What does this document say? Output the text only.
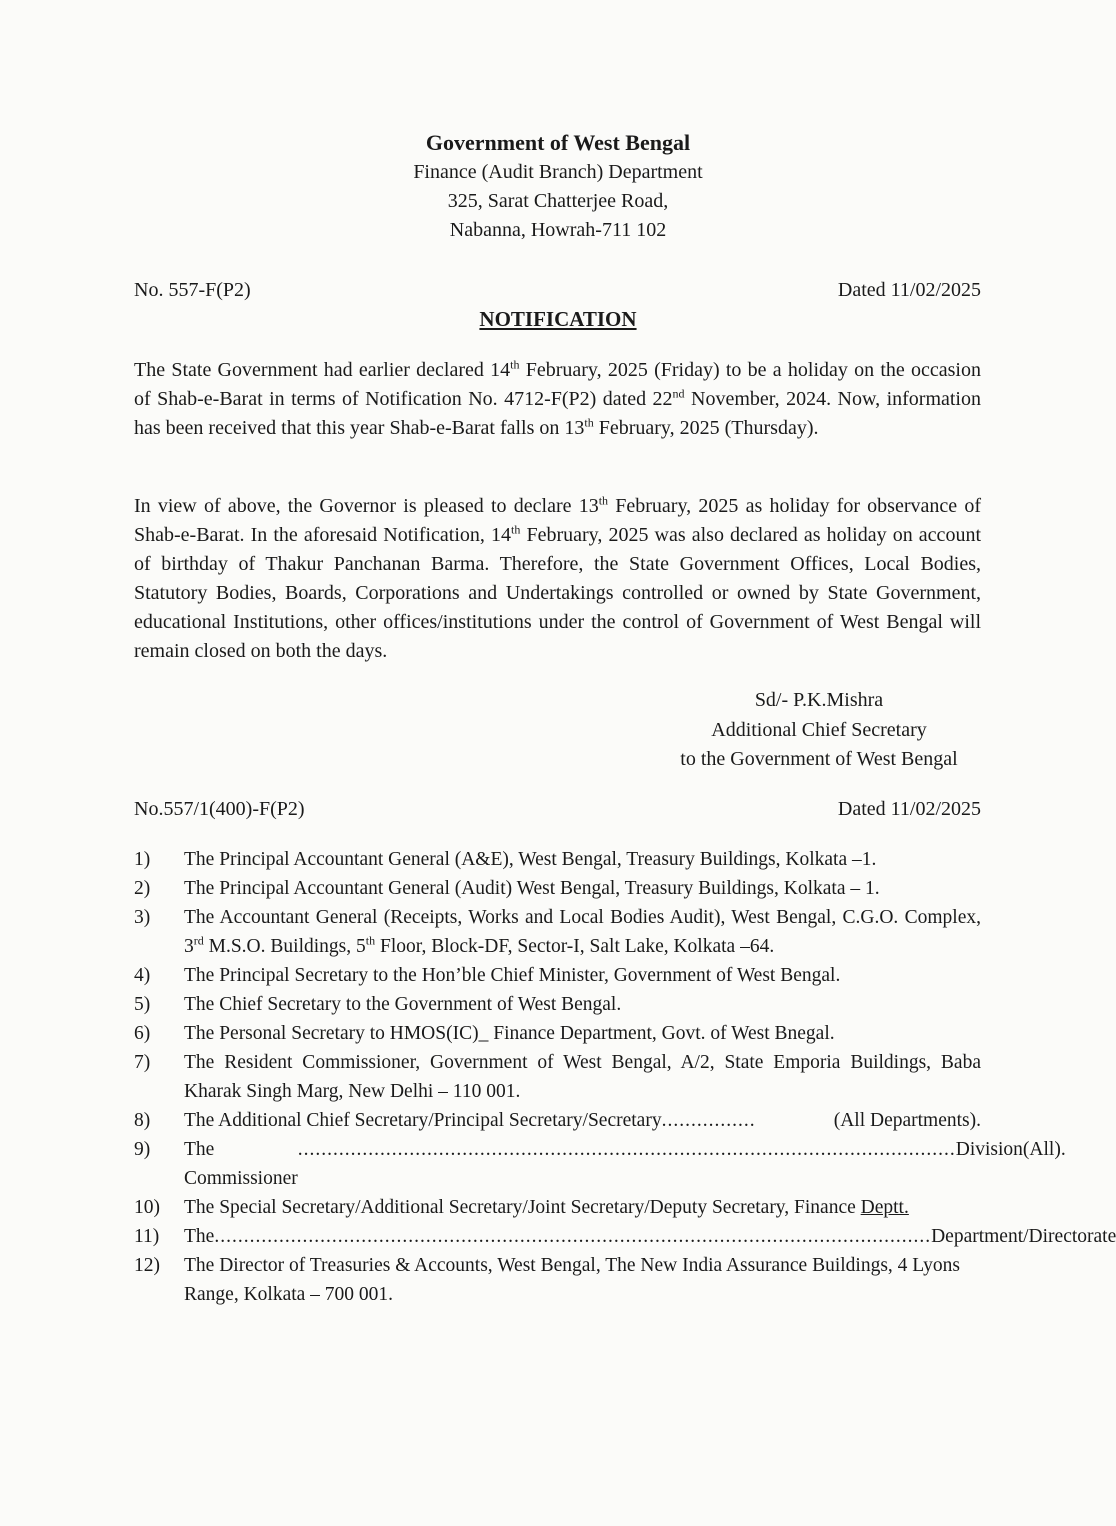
Government of West Bengal
Finance (Audit Branch) Department
325, Sarat Chatterjee Road,
Nabanna, Howrah-711 102
No. 557-F(P2)	Dated 11/02/2025
NOTIFICATION
The State Government had earlier declared 14th February, 2025 (Friday) to be a holiday on the occasion of Shab-e-Barat in terms of Notification No. 4712-F(P2) dated 22nd November, 2024. Now, information has been received that this year Shab-e-Barat falls on 13th February, 2025 (Thursday).
In view of above, the Governor is pleased to declare 13th February, 2025 as holiday for observance of Shab-e-Barat. In the aforesaid Notification, 14th February, 2025 was also declared as holiday on account of birthday of Thakur Panchanan Barma. Therefore, the State Government Offices, Local Bodies, Statutory Bodies, Boards, Corporations and Undertakings controlled or owned by State Government, educational Institutions, other offices/institutions under the control of Government of West Bengal will remain closed on both the days.
Sd/- P.K.Mishra
Additional Chief Secretary
to the Government of West Bengal
No.557/1(400)-F(P2)	Dated 11/02/2025
1)	The Principal Accountant General (A&E), West Bengal, Treasury Buildings, Kolkata –1.
2)	The Principal Accountant General (Audit) West Bengal, Treasury Buildings, Kolkata – 1.
3)	The Accountant General (Receipts, Works and Local Bodies Audit), West Bengal, C.G.O. Complex, 3rd M.S.O. Buildings, 5th Floor, Block-DF, Sector-I, Salt Lake, Kolkata –64.
4)	The Principal Secretary to the Hon’ble Chief Minister, Government of West Bengal.
5)	The Chief Secretary to the Government of West Bengal.
6)	The Personal Secretary to HMOS(IC)_ Finance Department, Govt. of West Bnegal.
7)	The Resident Commissioner, Government of West Bengal, A/2, State Emporia Buildings, Baba Kharak Singh Marg, New Delhi – 110 001.
8)	The Additional Chief Secretary/Principal Secretary/Secretary ................	(All Departments).
9)	The Commissioner
................................................................................................................ Division(All).
10)	The Special Secretary/Additional Secretary/Joint Secretary/Deputy Secretary, Finance Deptt.
11)	The .......................................................................................................................... Department/Directorate
12)	The Director of Treasuries & Accounts, West Bengal, The New India Assurance Buildings, 4 Lyons Range, Kolkata – 700 001.
